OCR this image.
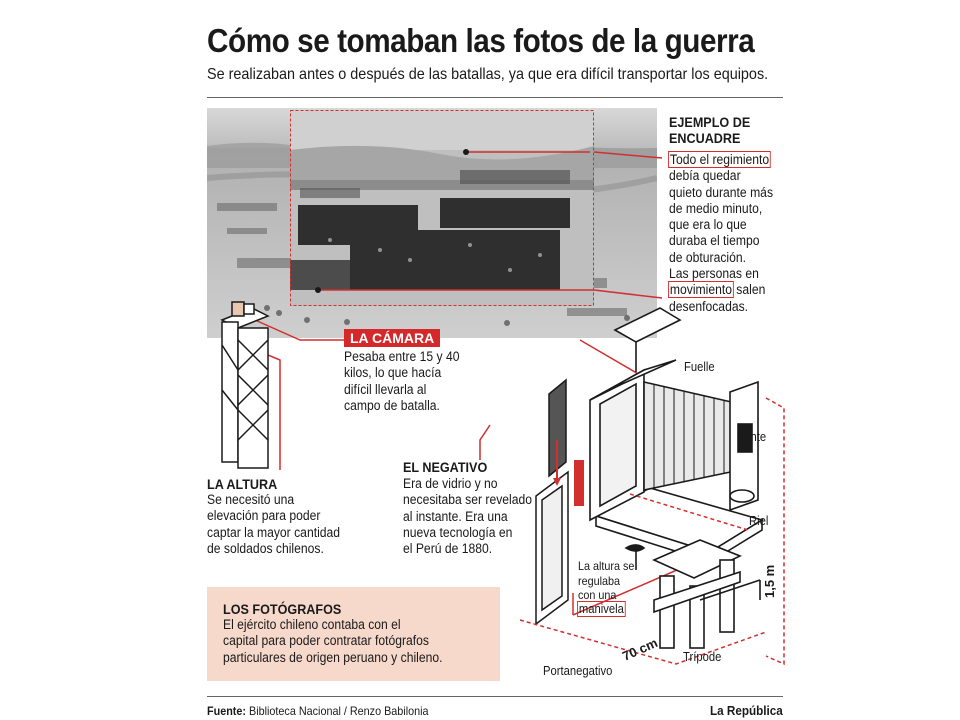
Cómo se tomaban las fotos de la guerra
Se realizaban antes o después de las batallas, ya que era difícil transportar los equipos.
EJEMPLO DE
ENCUADRE
Todo el regimiento
debía quedar
quieto durante más
de medio minuto,
que era lo que
duraba el tiempo
de obturación.
Las personas en
movimiento salen
desenfocadas.
LA CÁMARA
Pesaba entre 15 y 40
kilos, lo que hacía
difícil llevarla al
campo de batalla.
LA ALTURA
Se necesitó una
elevación para poder
captar la mayor cantidad
de soldados chilenos.
EL NEGATIVO
Era de vidrio y no
necesitaba ser revelado
al instante. Era una
nueva tecnología en
el Perú de 1880.
LOS FOTÓGRAFOS
El ejército chileno contaba con el
capital para poder contratar fotógrafos
particulares de origen peruano y chileno.
Fuelle
Lente
Riel
Trípode
Portanegativo
La altura se
regulaba
con una
manivela
70 cm
1,5 m
Fuente: Biblioteca Nacional / Renzo Babilonia	La República
